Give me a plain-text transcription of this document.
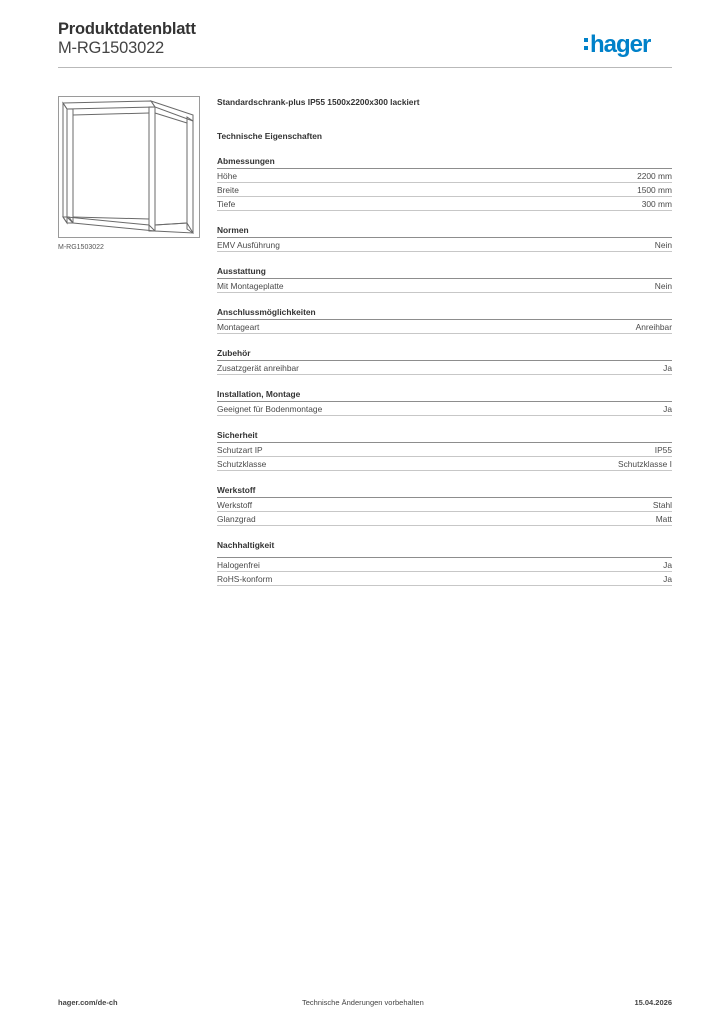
Produktdatenblatt
M-RG1503022	hager
M-RG1503022
Standardschrank-plus IP55 1500x2200x300 lackiert
Technische Eigenschaften
Abmessungen
Höhe	2200 mm
Breite	1500 mm
Tiefe	300 mm
Normen
EMV Ausführung	Nein
Ausstattung
Mit Montageplatte	Nein
Anschlussmöglichkeiten
Montageart	Anreihbar
Zubehör
Zusatzgerät anreihbar	Ja
Installation, Montage
Geeignet für Bodenmontage	Ja
Sicherheit
Schutzart IP	IP55
Schutzklasse	Schutzklasse I
Werkstoff
Werkstoff	Stahl
Glanzgrad	Matt
Nachhaltigkeit
Halogenfrei	Ja
RoHS-konform	Ja
hager.com/de-ch	Technische Änderungen vorbehalten	15.04.2026
